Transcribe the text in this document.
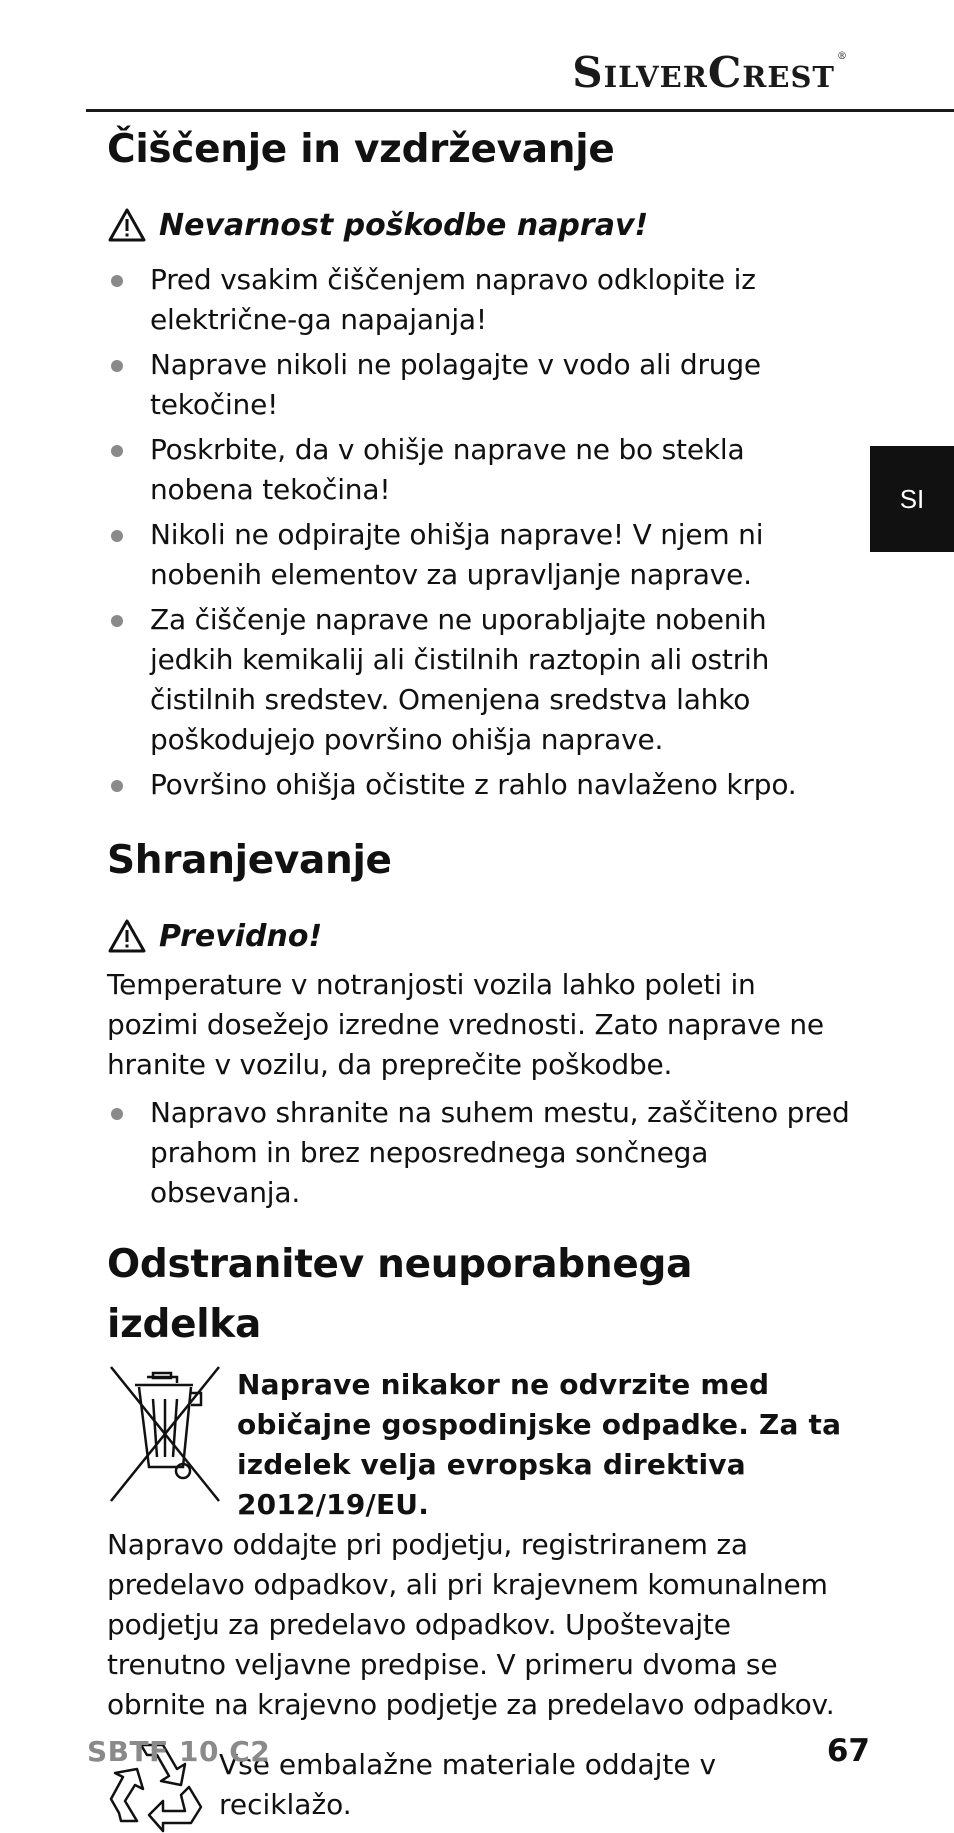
SilverCrest ®
SI
Čiščenje in vzdrževanje
Nevarnost poškodbe naprav!
Pred vsakim čiščenjem napravo odklopite iz električne-ga napajanja!
Naprave nikoli ne polagajte v vodo ali druge tekočine!
Poskrbite, da v ohišje naprave ne bo stekla nobena tekočina!
Nikoli ne odpirajte ohišja naprave! V njem ni nobenih elementov za upravljanje naprave.
Za čiščenje naprave ne uporabljajte nobenih jedkih kemikalij ali čistilnih raztopin ali ostrih čistilnih sredstev. Omenjena sredstva lahko poškodujejo površino ohišja naprave.
Površino ohišja očistite z rahlo navlaženo krpo.
Shranjevanje
Previdno!

Temperature v notranjosti vozila lahko poleti in pozimi dosežejo izredne vrednosti. Zato naprave ne hranite v vozilu, da preprečite poškodbe.

Napravo shranite na suhem mestu, zaščiteno pred prahom in brez neposrednega sončnega obsevanja.
Odstranitev neuporabnega izdelka
Naprave nikakor ne odvrzite med običajne gospodinjske odpadke. Za ta izdelek velja evropska direktiva 2012/19/EU.

Napravo oddajte pri podjetju, registriranem za predelavo odpadkov, ali pri krajevnem komunalnem podjetju za predelavo odpadkov. Upoštevajte trenutno veljavne predpise. V primeru dvoma se obrnite na krajevno podjetje za predelavo odpadkov.

Vse embalažne materiale oddajte v reciklažo.
SBTF 10 C2	67
